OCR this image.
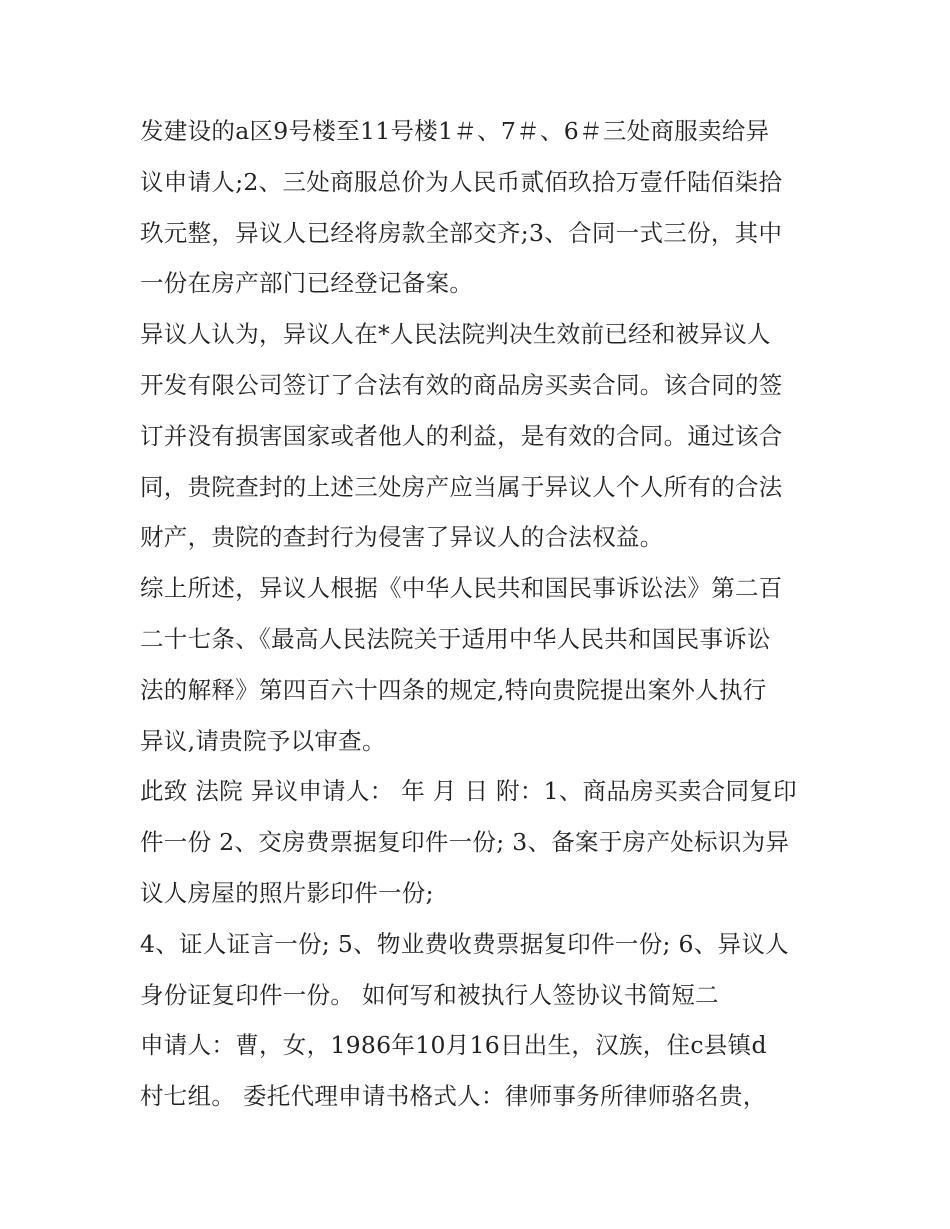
发建设的a区9号楼至11号楼1＃、7＃、6＃三处商服卖给异
议申请人;2、三处商服总价为人民币贰佰玖拾万壹仟陆佰柒拾
玖元整，异议人已经将房款全部交齐;3、合同一式三份，其中
一份在房产部门已经登记备案。
异议人认为，异议人在*人民法院判决生效前已经和被异议人
开发有限公司签订了合法有效的商品房买卖合同。该合同的签
订并没有损害国家或者他人的利益，是有效的合同。通过该合
同，贵院查封的上述三处房产应当属于异议人个人所有的合法
财产，贵院的查封行为侵害了异议人的合法权益。
综上所述，异议人根据《中华人民共和国民事诉讼法》第二百
二十七条、《最高人民法院关于适用中华人民共和国民事诉讼
法的解释》第四百六十四条的规定,特向贵院提出案外人执行
异议,请贵院予以审查。
此致 法院 异议申请人： 年 月 日 附：1、商品房买卖合同复印
件一份 2、交房费票据复印件一份; 3、备案于房产处标识为异
议人房屋的照片影印件一份;
4、证人证言一份; 5、物业费收费票据复印件一份; 6、异议人
身份证复印件一份。 如何写和被执行人签协议书简短二
申请人：曹，女，1986年10月16日出生，汉族，住c县镇d
村七组。 委托代理申请书格式人：律师事务所律师骆名贵，
